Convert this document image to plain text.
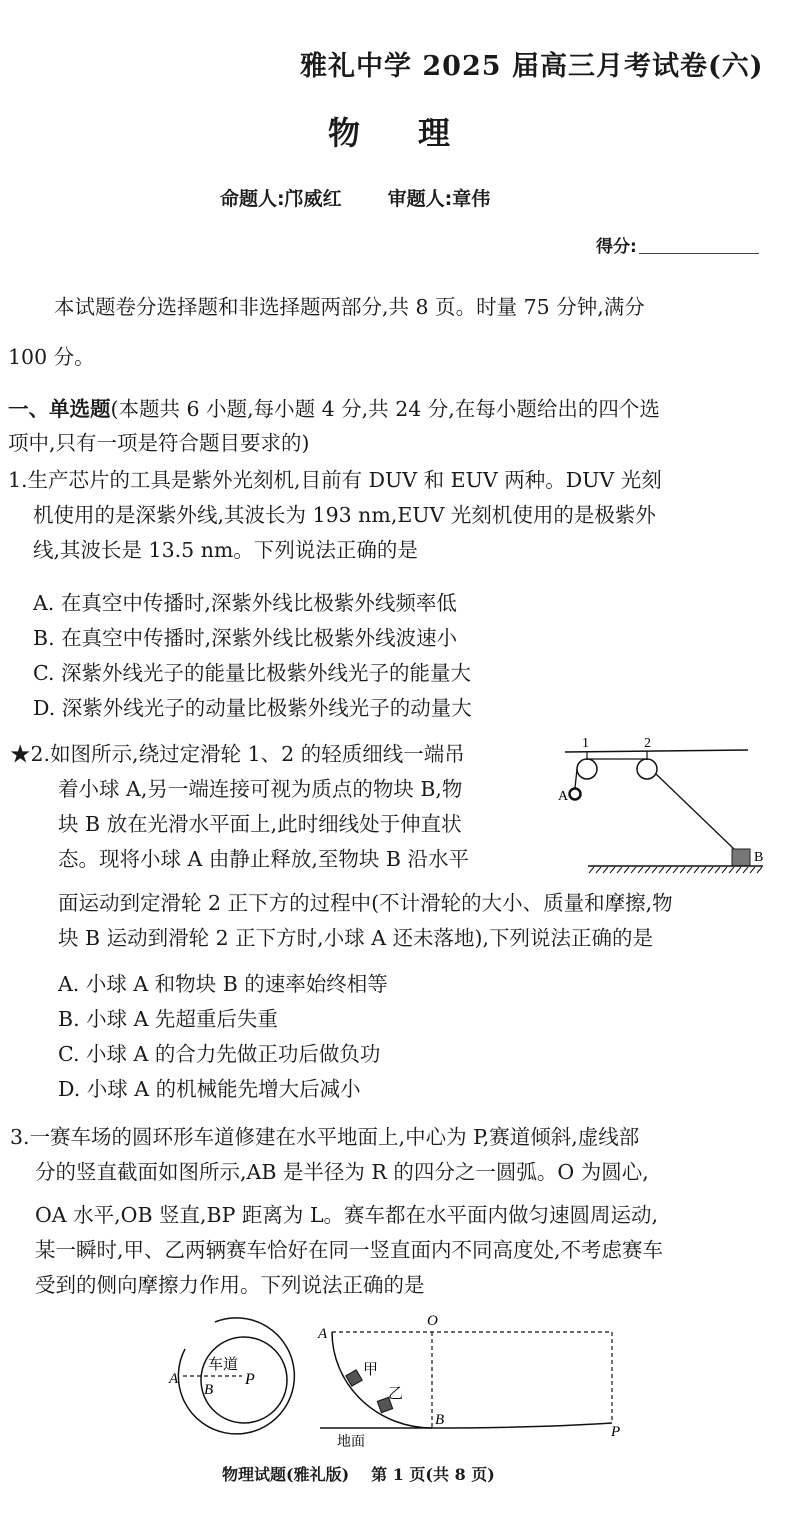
雅礼中学 2025 届高三月考试卷(六)
物 理
命题人:邝威红 审题人:章伟
得分:
本试题卷分选择题和非选择题两部分,共 8 页。时量 75 分钟,满分
100 分。
一、单选题(本题共 6 小题,每小题 4 分,共 24 分,在每小题给出的四个选
项中,只有一项是符合题目要求的)
1.生产芯片的工具是紫外光刻机,目前有 DUV 和 EUV 两种。DUV 光刻
机使用的是深紫外线,其波长为 193 nm,EUV 光刻机使用的是极紫外
线,其波长是 13.5 nm。下列说法正确的是
A. 在真空中传播时,深紫外线比极紫外线频率低
B. 在真空中传播时,深紫外线比极紫外线波速小
C. 深紫外线光子的能量比极紫外线光子的能量大
D. 深紫外线光子的动量比极紫外线光子的动量大
★2.如图所示,绕过定滑轮 1、2 的轻质细线一端吊
着小球 A,另一端连接可视为质点的物块 B,物
块 B 放在光滑水平面上,此时细线处于伸直状
态。现将小球 A 由静止释放,至物块 B 沿水平
面运动到定滑轮 2 正下方的过程中(不计滑轮的大小、质量和摩擦,物
块 B 运动到滑轮 2 正下方时,小球 A 还未落地),下列说法正确的是
A. 小球 A 和物块 B 的速率始终相等
B. 小球 A 先超重后失重
C. 小球 A 的合力先做正功后做负功
D. 小球 A 的机械能先增大后减小
A
1	2
B
3.一赛车场的圆环形车道修建在水平地面上,中心为 P,赛道倾斜,虚线部
分的竖直截面如图所示,AB 是半径为 R 的四分之一圆弧。O 为圆心,
OA 水平,OB 竖直,BP 距离为 L。赛车都在水平面内做匀速圆周运动,
某一瞬时,甲、乙两辆赛车恰好在同一竖直面内不同高度处,不考虑赛车
受到的侧向摩擦力作用。下列说法正确的是
车道
A
B
P
甲
乙
A
O
B
P
地面
物理试题(雅礼版) 第 1 页(共 8 页)
